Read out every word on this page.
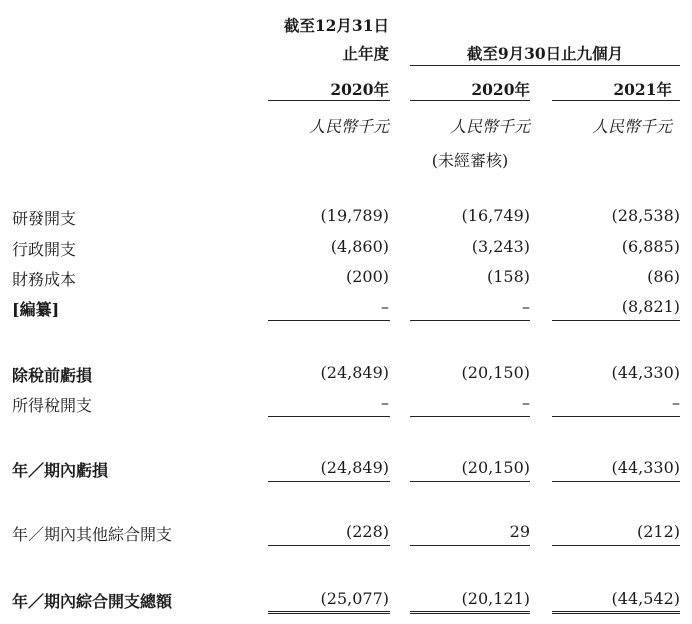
截至12月31日
止年度	截至9月30日止九個月
2020年	2020年	2021年
人民幣千元	人民幣千元	人民幣千元
(未經審核)
研發開支	(19,789)	(16,749)	(28,538)
行政開支	(4,860)	(3,243)	(6,885)
財務成本	(200)	(158)	(86)
[編纂]	–	–	(8,821)
除稅前虧損	(24,849)	(20,150)	(44,330)
所得稅開支	–	–	–
年／期內虧損	(24,849)	(20,150)	(44,330)
年／期內其他綜合開支	(228)	29	(212)
年／期內綜合開支總額	(25,077)	(20,121)	(44,542)
